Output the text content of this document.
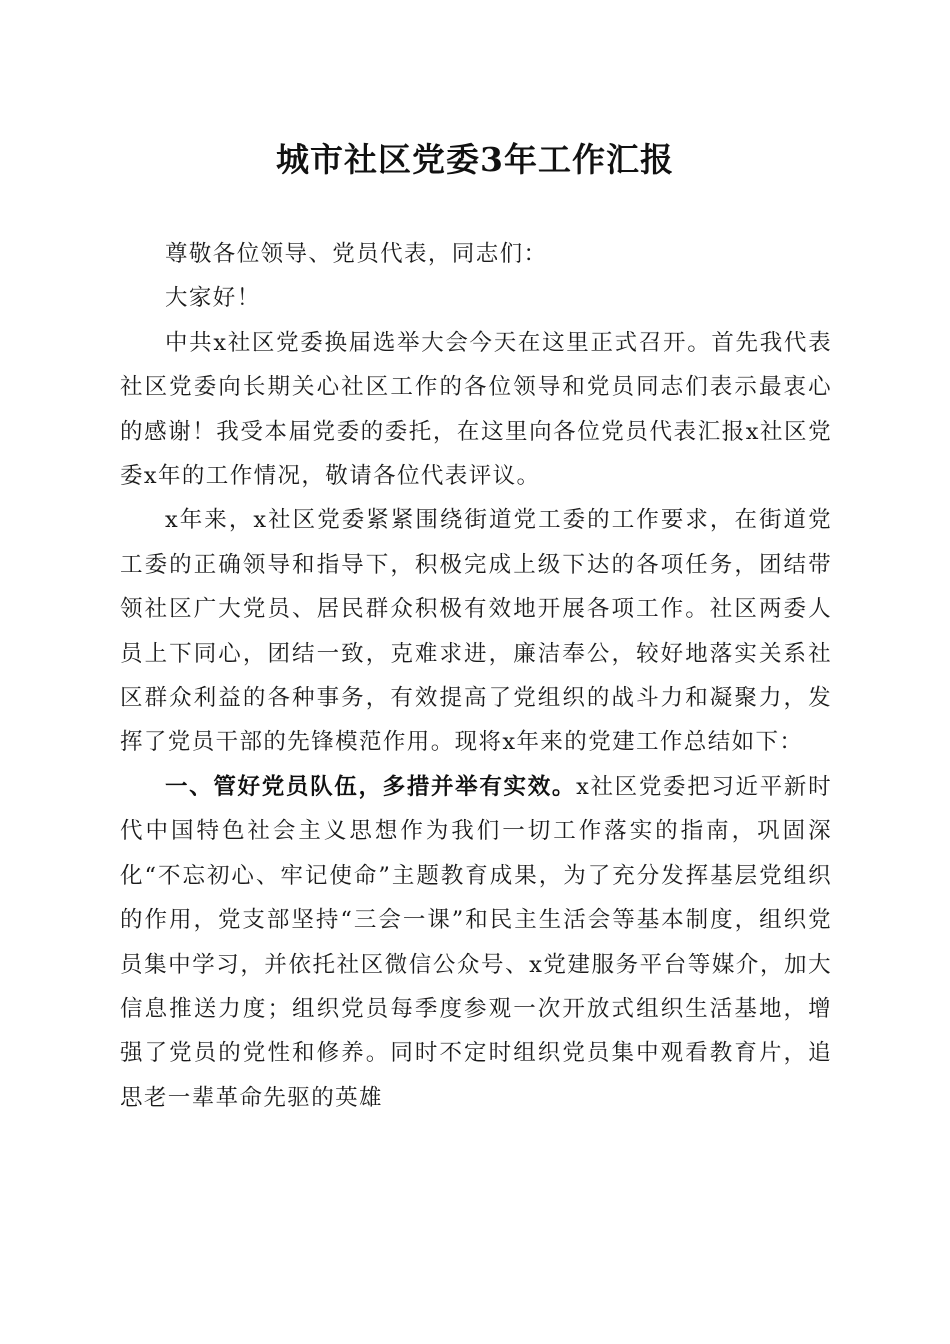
城市社区党委3年工作汇报

尊敬各位领导、党员代表，同志们：

大家好！

中共x社区党委换届选举大会今天在这里正式召开。首先我代表社区党委向长期关心社区工作的各位领导和党员同志们表示最衷心的感谢！我受本届党委的委托，在这里向各位党员代表汇报x社区党委x年的工作情况，敬请各位代表评议。

x年来，x社区党委紧紧围绕街道党工委的工作要求，在街道党工委的正确领导和指导下，积极完成上级下达的各项任务，团结带领社区广大党员、居民群众积极有效地开展各项工作。社区两委人员上下同心，团结一致，克难求进，廉洁奉公，较好地落实关系社区群众利益的各种事务，有效提高了党组织的战斗力和凝聚力，发挥了党员干部的先锋模范作用。现将x年来的党建工作总结如下：

一、管好党员队伍，多措并举有实效。x社区党委把习近平新时代中国特色社会主义思想作为我们一切工作落实的指南，巩固深化“不忘初心、牢记使命”主题教育成果，为了充分发挥基层党组织的作用，党支部坚持“三会一课”和民主生活会等基本制度，组织党员集中学习，并依托社区微信公众号、x党建服务平台等媒介，加大信息推送力度；组织党员每季度参观一次开放式组织生活基地，增强了党员的党性和修养。同时不定时组织党员集中观看教育片，追思老一辈革命先驱的英雄
